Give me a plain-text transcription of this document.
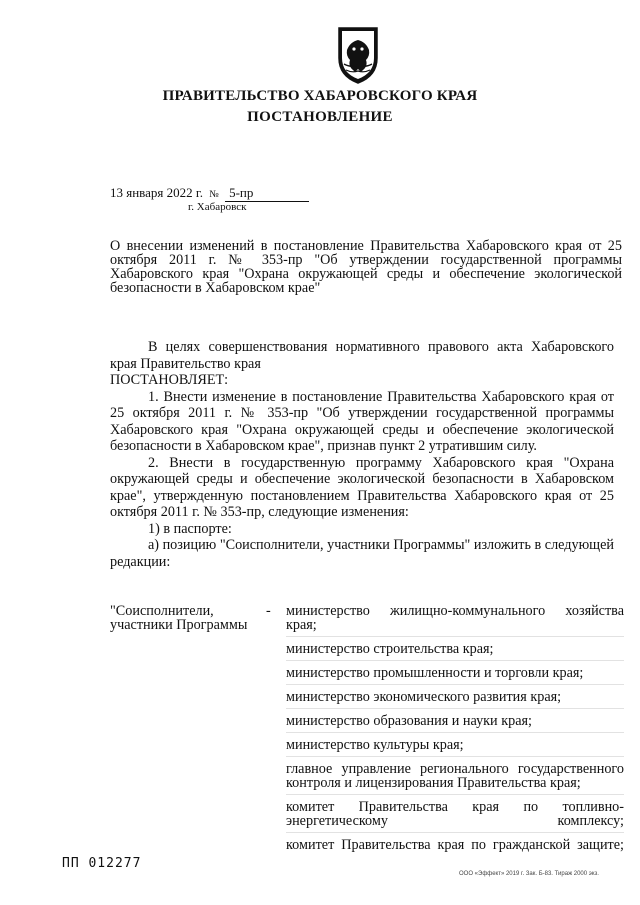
ПРАВИТЕЛЬСТВО ХАБАРОВСКОГО КРАЯ
ПОСТАНОВЛЕНИЕ
13 января 2022 г. № 5-пр
г. Хабаровск
О внесении изменений в постановление Правительства Хабаровского края от 25 октября 2011 г. № 353-пр "Об утверждении государственной программы Хабаровского края "Охрана окружающей среды и обеспечение экологической безопасности в Хабаровском крае"

В целях совершенствования нормативного правового акта Хабаровского края Правительство края

ПОСТАНОВЛЯЕТ:

1. Внести изменение в постановление Правительства Хабаровского края от 25 октября 2011 г. № 353-пр "Об утверждении государственной программы Хабаровского края "Охрана окружающей среды и обеспечение экологической безопасности в Хабаровском крае", признав пункт 2 утратившим силу.

2. Внести в государственную программу Хабаровского края "Охрана окружающей среды и обеспечение экологической безопасности в Хабаровском крае", утвержденную постановлением Правительства Хабаровского края от 25 октября 2011 г. № 353-пр, следующие изменения:

1) в паспорте:

а) позицию "Соисполнители, участники Программы" изложить в следующей редакции:

"Соисполнители, участники Программы
- министерство жилищно-коммунального хозяйства края;
министерство строительства края;
министерство промышленности и торговли края;
министерство экономического развития края;
министерство образования и науки края;
министерство культуры края;
главное управление регионального государственного контроля и лицензирования Правительства края;
комитет Правительства края по топливно-энергетическому комплексу;
комитет Правительства края по гражданской защите;
ПП 012277
ООО «Эффект» 2019 г. Зак. Б-83. Тираж 2000 экз.
